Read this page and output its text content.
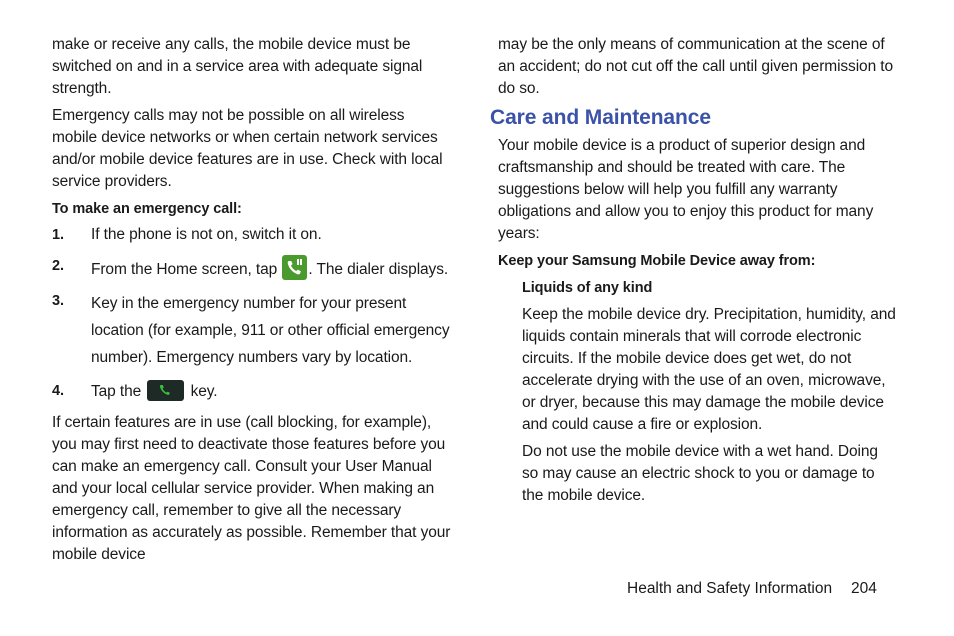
make or receive any calls, the mobile device must be switched on and in a service area with adequate signal strength.

Emergency calls may not be possible on all wireless mobile device networks or when certain network services and/or mobile device features are in use. Check with local service providers.

To make an emergency call:

1.	If the phone is not on, switch it on.
2.	From the Home screen, tap . The dialer displays.
3.	Key in the emergency number for your present location (for example, 911 or other official emergency number). Emergency numbers vary by location.
4.	Tap the	key.

If certain features are in use (call blocking, for example), you may first need to deactivate those features before you can make an emergency call. Consult your User Manual and your local cellular service provider. When making an emergency call, remember to give all the necessary information as accurately as possible. Remember that your mobile device

may be the only means of communication at the scene of an accident; do not cut off the call until given permission to do so.

Care and Maintenance

Your mobile device is a product of superior design and craftsmanship and should be treated with care. The suggestions below will help you fulfill any warranty obligations and allow you to enjoy this product for many years:

Keep your Samsung Mobile Device away from:

Liquids of any kind

Keep the mobile device dry. Precipitation, humidity, and liquids contain minerals that will corrode electronic circuits. If the mobile device does get wet, do not accelerate drying with the use of an oven, microwave, or dryer, because this may damage the mobile device and could cause a fire or explosion.

Do not use the mobile device with a wet hand. Doing so may cause an electric shock to you or damage to the mobile device.

Health and Safety Information	204
